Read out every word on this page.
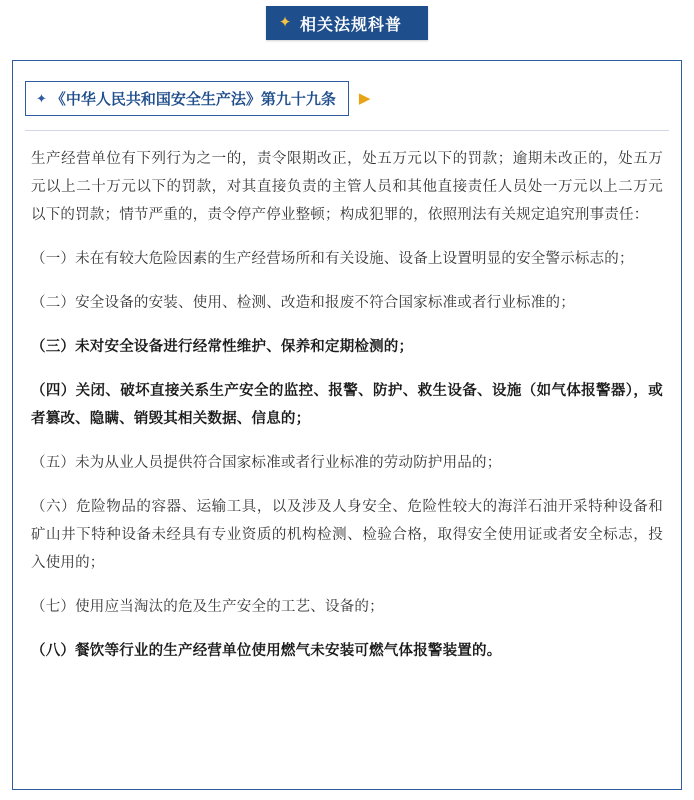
✦ 相关法规科普
✦ 《中华人民共和国安全生产法》第九十九条 ▶

生产经营单位有下列行为之一的，责令限期改正，处五万元以下的罚款；逾期未改正的，处五万元以上二十万元以下的罚款，对其直接负责的主管人员和其他直接责任人员处一万元以上二万元以下的罚款；情节严重的，责令停产停业整顿；构成犯罪的，依照刑法有关规定追究刑事责任：

（一）未在有较大危险因素的生产经营场所和有关设施、设备上设置明显的安全警示标志的；

（二）安全设备的安装、使用、检测、改造和报废不符合国家标准或者行业标准的；

（三）未对安全设备进行经常性维护、保养和定期检测的；

（四）关闭、破坏直接关系生产安全的监控、报警、防护、救生设备、设施（如气体报警器），或者篡改、隐瞒、销毁其相关数据、信息的；

（五）未为从业人员提供符合国家标准或者行业标准的劳动防护用品的；

（六）危险物品的容器、运输工具，以及涉及人身安全、危险性较大的海洋石油开采特种设备和矿山井下特种设备未经具有专业资质的机构检测、检验合格，取得安全使用证或者安全标志，投入使用的；

（七）使用应当淘汰的危及生产安全的工艺、设备的；

（八）餐饮等行业的生产经营单位使用燃气未安装可燃气体报警装置的。
